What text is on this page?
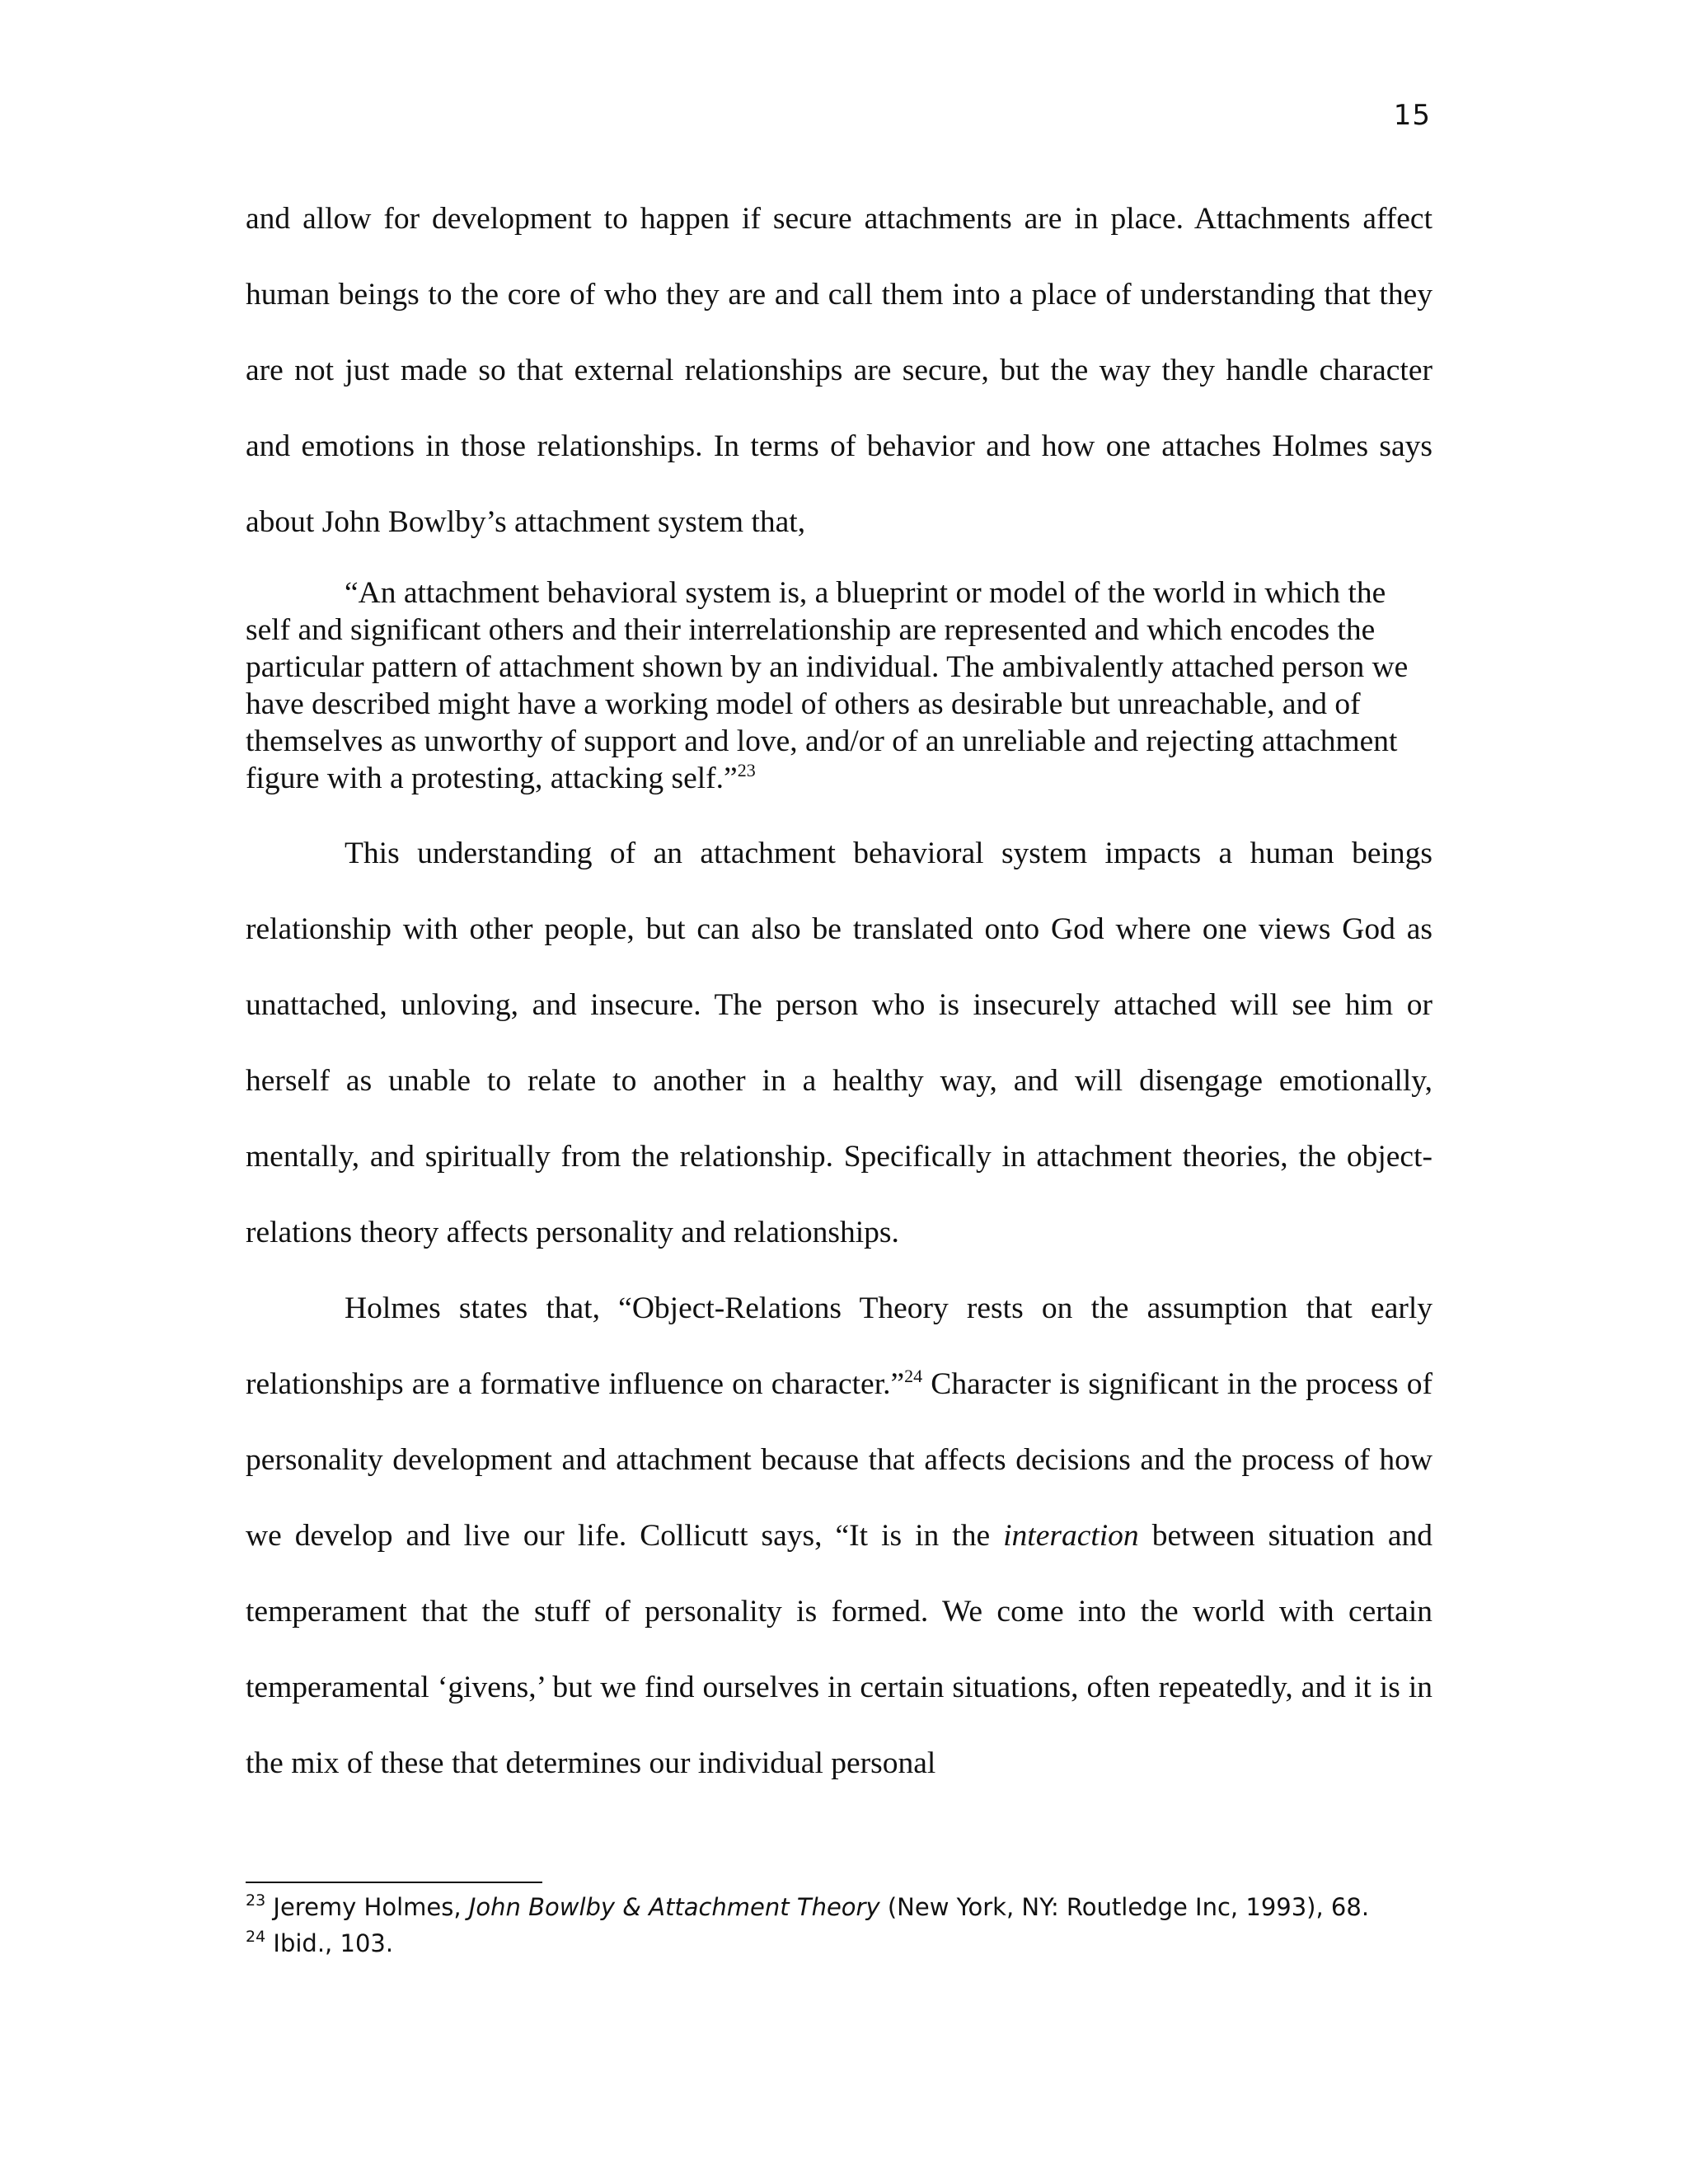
15

and allow for development to happen if secure attachments are in place. Attachments affect human beings to the core of who they are and call them into a place of understanding that they are not just made so that external relationships are secure, but the way they handle character and emotions in those relationships. In terms of behavior and how one attaches Holmes says about John Bowlby’s attachment system that,

“An attachment behavioral system is, a blueprint or model of the world in which the self and significant others and their interrelationship are represented and which encodes the particular pattern of attachment shown by an individual. The ambivalently attached person we have described might have a working model of others as desirable but unreachable, and of themselves as unworthy of support and love, and/or of an unreliable and rejecting attachment figure with a protesting, attacking self.”$^{23}$

This understanding of an attachment behavioral system impacts a human beings relationship with other people, but can also be translated onto God where one views God as unattached, unloving, and insecure. The person who is insecurely attached will see him or herself as unable to relate to another in a healthy way, and will disengage emotionally, mentally, and spiritually from the relationship. Specifically in attachment theories, the object-relations theory affects personality and relationships.

Holmes states that, “Object-Relations Theory rests on the assumption that early relationships are a formative influence on character.”$^{24}$ Character is significant in the process of personality development and attachment because that affects decisions and the process of how we develop and live our life. Collicutt says, “It is in the interaction between situation and temperament that the stuff of personality is formed. We come into the world with certain temperamental ‘givens,’ but we find ourselves in certain situations, often repeatedly, and it is in the mix of these that determines our individual personal

$^{23}$ Jeremy Holmes, John Bowlby & Attachment Theory (New York, NY: Routledge Inc, 1993), 68.

$^{24}$ Ibid., 103.
